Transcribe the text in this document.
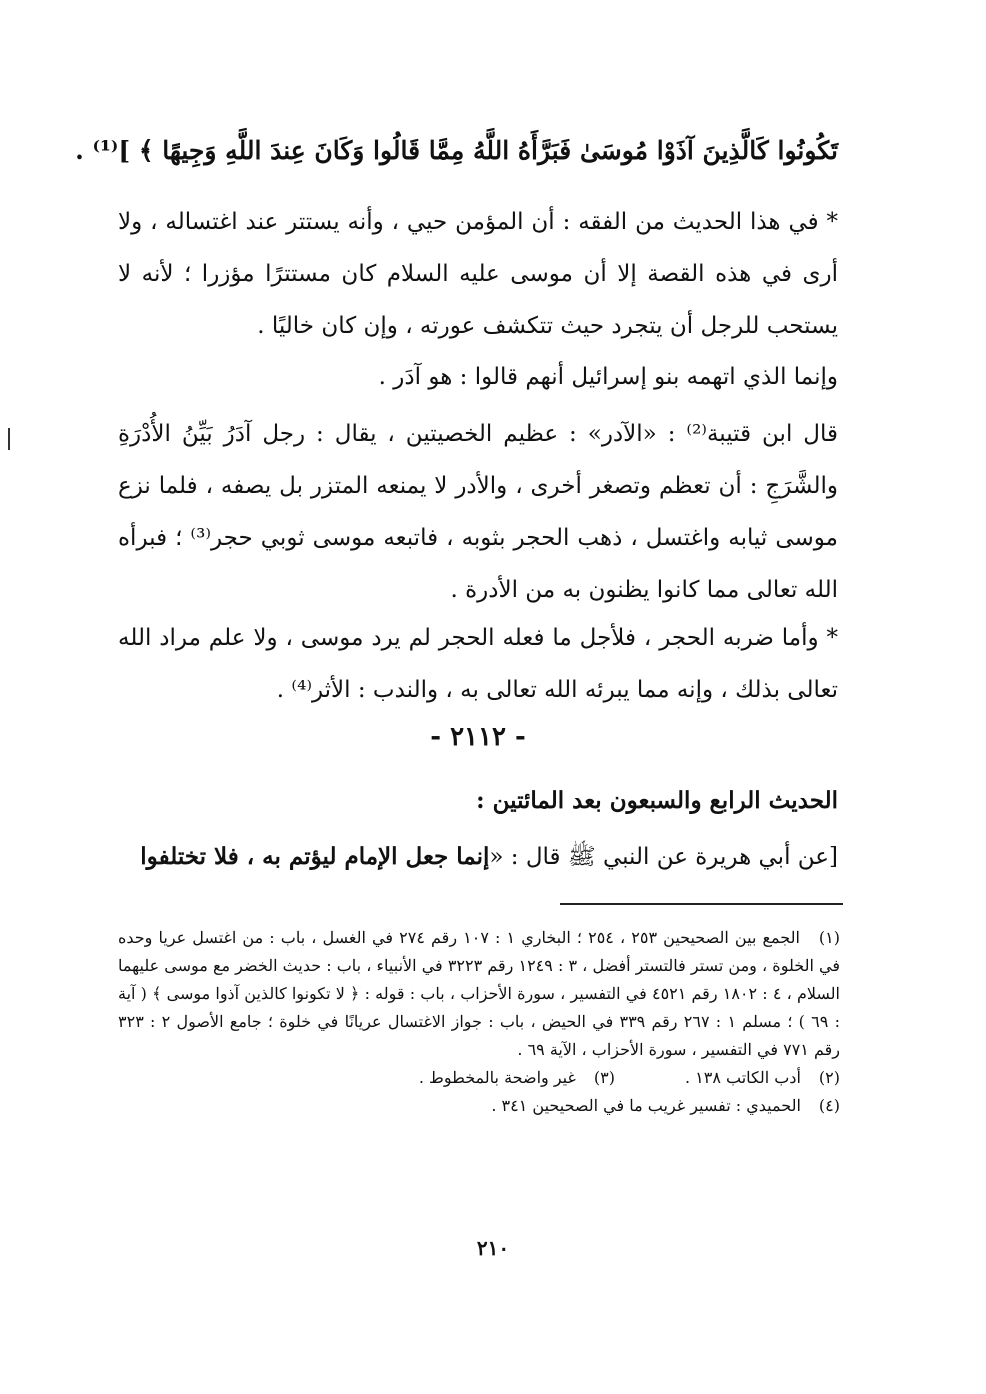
تَكُونُوا كَالَّذِينَ آذَوْا مُوسَىٰ فَبَرَّأَهُ اللَّهُ مِمَّا قَالُوا وَكَانَ عِندَ اللَّهِ وَجِيهًا ﴾ ]⁽¹⁾ .
* في هذا الحديث من الفقه : أن المؤمن حيي ، وأنه يستتر عند اغتساله ، ولا أرى في هذه القصة إلا أن موسى عليه السلام كان مستترًا مؤزرا ؛ لأنه لا يستحب للرجل أن يتجرد حيث تتكشف عورته ، وإن كان خاليًا .
وإنما الذي اتهمه بنو إسرائيل أنهم قالوا : هو آدَر .
قال ابن قتيبة⁽²⁾ : «الآدر» : عظيم الخصيتين ، يقال : رجل آدَرُ بَيِّنُ الأُدْرَةِ والشَّرَجِ : أن تعظم وتصغر أخرى ، والأدر لا يمنعه المتزر بل يصفه ، فلما نزع موسى ثيابه واغتسل ، ذهب الحجر بثوبه ، فاتبعه موسى ثوبي حجر⁽³⁾ ؛ فبرأه الله تعالى مما كانوا يظنون به من الأدرة .
* وأما ضربه الحجر ، فلأجل ما فعله الحجر لم يرد موسى ، ولا علم مراد الله تعالى بذلك ، وإنه مما يبرئه الله تعالى به ، والندب : الأثر⁽⁴⁾ .
- ٢١١٢ -
الحديث الرابع والسبعون بعد المائتين :
[عن أبي هريرة عن النبي ﷺ قال : «إنما جعل الإمام ليؤتم به ، فلا تختلفوا
(١) الجمع بين الصحيحين ٢٥٣ ، ٢٥٤ ؛ البخاري ١ : ١٠٧ رقم ٢٧٤ في الغسل ، باب : من اغتسل عريا وحده في الخلوة ، ومن تستر فالتستر أفضل ، ٣ : ١٢٤٩ رقم ٣٢٢٣ في الأنبياء ، باب : حديث الخضر مع موسى عليهما السلام ، ٤ : ١٨٠٢ رقم ٤٥٢١ في التفسير ، سورة الأحزاب ، باب : قوله : ﴿ لا تكونوا كالذين آذوا موسى ﴾ ( آية : ٦٩ ) ؛ مسلم ١ : ٢٦٧ رقم ٣٣٩ في الحيض ، باب : جواز الاغتسال عريانًا في خلوة ؛ جامع الأصول ٢ : ٣٢٣ رقم ٧٧١ في التفسير ، سورة الأحزاب ، الآية ٦٩ .
(٢) أدب الكاتب ١٣٨ .
(٣) غير واضحة بالمخطوط .
(٤) الحميدي : تفسير غريب ما في الصحيحين ٣٤١ .
٢١٠
